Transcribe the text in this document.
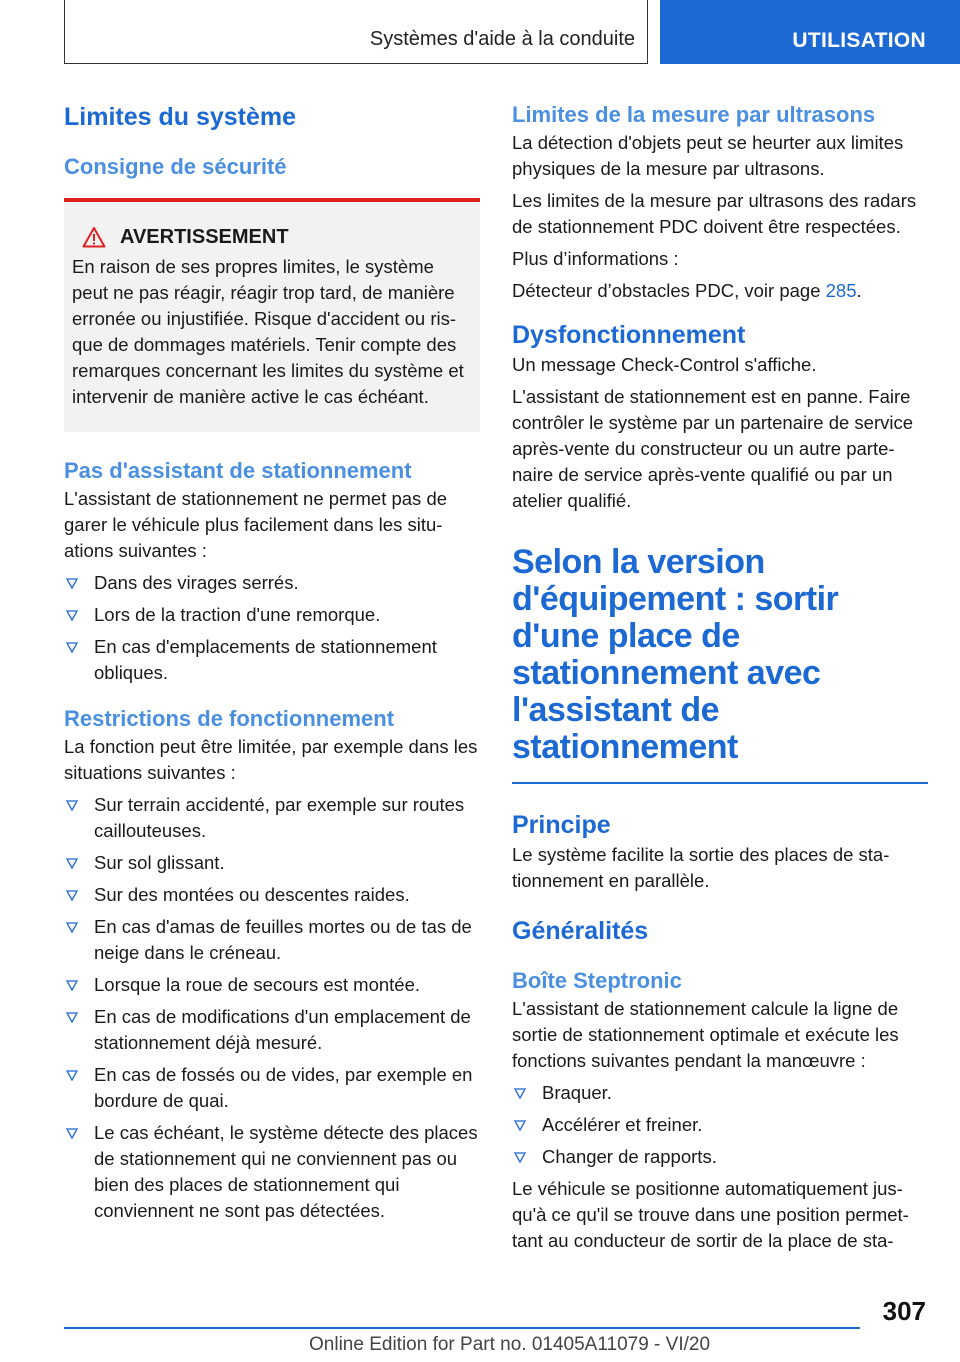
Systèmes d'aide à la conduite	UTILISATION
Limites du système
Consigne de sécurité
AVERTISSEMENT

En raison de ses propres limites, le système peut ne pas réagir, réagir trop tard, de manière erronée ou injustifiée. Risque d'accident ou risque de dommages matériels. Tenir compte des remarques concernant les limites du système et intervenir de manière active le cas échéant.

Pas d'assistant de stationnement

L'assistant de stationnement ne permet pas de garer le véhicule plus facilement dans les situations suivantes :

Dans des virages serrés.
Lors de la traction d'une remorque.
En cas d'emplacements de stationnement obliques.
Restrictions de fonctionnement

La fonction peut être limitée, par exemple dans les situations suivantes :

Sur terrain accidenté, par exemple sur routes caillouteuses.
Sur sol glissant.
Sur des montées ou descentes raides.
En cas d'amas de feuilles mortes ou de tas de neige dans le créneau.
Lorsque la roue de secours est montée.
En cas de modifications d'un emplacement de stationnement déjà mesuré.
En cas de fossés ou de vides, par exemple en bordure de quai.
Le cas échéant, le système détecte des places de stationnement qui ne conviennent pas ou bien des places de stationnement qui conviennent ne sont pas détectées.
Limites de la mesure par ultrasons

La détection d'objets peut se heurter aux limites physiques de la mesure par ultrasons.

Les limites de la mesure par ultrasons des radars de stationnement PDC doivent être respectées.

Plus d’informations :

Détecteur d’obstacles PDC, voir page 285.

Dysfonctionnement

Un message Check-Control s'affiche.

L'assistant de stationnement est en panne. Faire contrôler le système par un partenaire de service après-vente du constructeur ou un autre partenaire de service après-vente qualifié ou par un atelier qualifié.

Selon la version d'équipement : sortir d'une place de stationnement avec l'assistant de stationnement
Principe

Le système facilite la sortie des places de stationnement en parallèle.

Généralités
Boîte Steptronic

L'assistant de stationnement calcule la ligne de sortie de stationnement optimale et exécute les fonctions suivantes pendant la manœuvre :

Braquer.
Accélérer et freiner.
Changer de rapports.

Le véhicule se positionne automatiquement jusqu'à ce qu'il se trouve dans une position permettant au conducteur de sortir de la place de sta‐

307
Online Edition for Part no. 01405A11079 - VI/20
